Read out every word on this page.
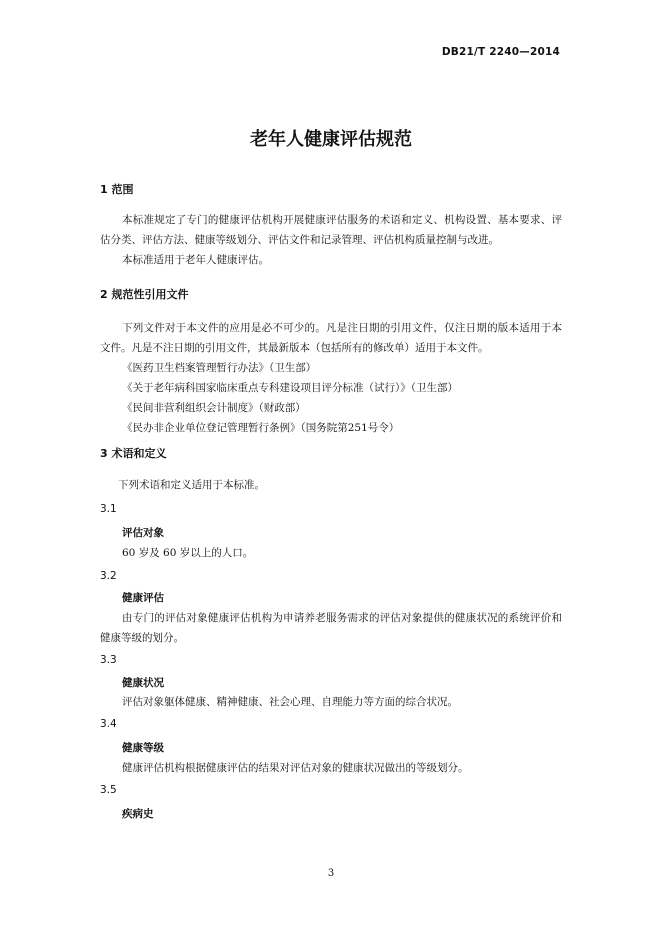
DB21/T 2240—2014
老年人健康评估规范
1 范围
本标准规定了专门的健康评估机构开展健康评估服务的术语和定义、机构设置、基本要求、评估分类、评估方法、健康等级划分、评估文件和记录管理、评估机构质量控制与改进。
本标准适用于老年人健康评估。
2 规范性引用文件
下列文件对于本文件的应用是必不可少的。凡是注日期的引用文件，仅注日期的版本适用于本文件。凡是不注日期的引用文件，其最新版本（包括所有的修改单）适用于本文件。
《医药卫生档案管理暂行办法》（卫生部）
《关于老年病科国家临床重点专科建设项目评分标准（试行）》（卫生部）
《民间非营利组织会计制度》（财政部）
《民办非企业单位登记管理暂行条例》（国务院第251号令）
3 术语和定义
下列术语和定义适用于本标准。
3.1
评估对象
60 岁及 60 岁以上的人口。
3.2
健康评估
由专门的评估对象健康评估机构为申请养老服务需求的评估对象提供的健康状况的系统评价和健康等级的划分。
3.3
健康状况
评估对象躯体健康、精神健康、社会心理、自理能力等方面的综合状况。
3.4
健康等级
健康评估机构根据健康评估的结果对评估对象的健康状况做出的等级划分。
3.5
疾病史
3
